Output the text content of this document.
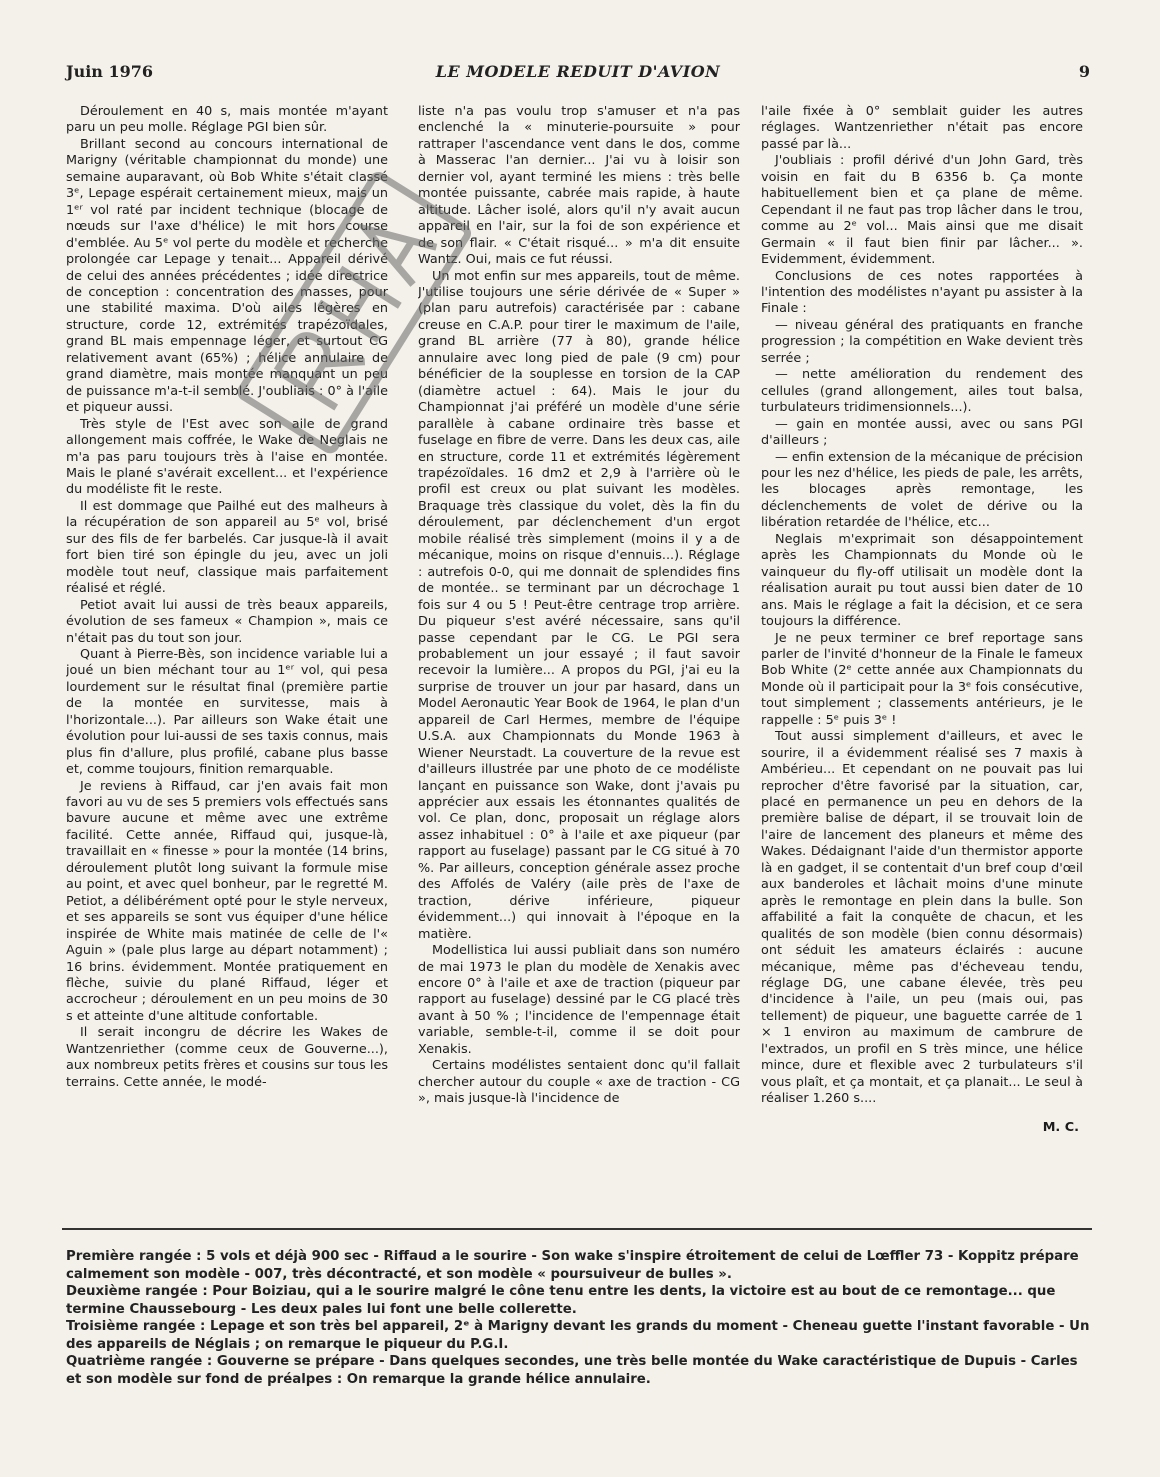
Juin 1976	LE MODELE REDUIT D'AVION	9

Déroulement en 40 s, mais montée m'ayant paru un peu molle. Réglage PGI bien sûr.

Brillant second au concours international de Marigny (véritable championnat du monde) une semaine auparavant, où Bob White s'était classé 3ᵉ, Lepage espérait certainement mieux, mais un 1ᵉʳ vol raté par incident technique (blocage de nœuds sur l'axe d'hélice) le mit hors course d'emblée. Au 5ᵉ vol perte du modèle et recherche prolongée car Lepage y tenait... Appareil dérivé de celui des années précédentes ; idée directrice de conception : concentration des masses, pour une stabilité maxima. D'où ailes légères en structure, corde 12, extrémités trapézoïdales, grand BL mais empennage léger, et surtout CG relativement avant (65%) ; hélice annulaire de grand diamètre, mais montée manquant un peu de puissance m'a-t-il semblé. J'oubliais : 0° à l'aile et piqueur aussi.

Très style de l'Est avec son aile de grand allongement mais coffrée, le Wake de Neglais ne m'a pas paru toujours très à l'aise en montée. Mais le plané s'avérait excellent... et l'expérience du modéliste fit le reste.

Il est dommage que Pailhé eut des malheurs à la récupération de son appareil au 5ᵉ vol, brisé sur des fils de fer barbelés. Car jusque-là il avait fort bien tiré son épingle du jeu, avec un joli modèle tout neuf, classique mais parfaitement réalisé et réglé.

Petiot avait lui aussi de très beaux appareils, évolution de ses fameux « Champion », mais ce n'était pas du tout son jour.

Quant à Pierre-Bès, son incidence variable lui a joué un bien méchant tour au 1ᵉʳ vol, qui pesa lourdement sur le résultat final (première partie de la montée en survitesse, mais à l'horizontale...). Par ailleurs son Wake était une évolution pour lui-aussi de ses taxis connus, mais plus fin d'allure, plus profilé, cabane plus basse et, comme toujours, finition remarquable.

Je reviens à Riffaud, car j'en avais fait mon favori au vu de ses 5 premiers vols effectués sans bavure aucune et même avec une extrême facilité. Cette année, Riffaud qui, jusque-là, travaillait en « finesse » pour la montée (14 brins, déroulement plutôt long suivant la formule mise au point, et avec quel bonheur, par le regretté M. Petiot, a délibérément opté pour le style nerveux, et ses appareils se sont vus équiper d'une hélice inspirée de White mais matinée de celle de l'« Aguin » (pale plus large au départ notamment) ; 16 brins. évidemment. Montée pratiquement en flèche, suivie du plané Riffaud, léger et accrocheur ; déroulement en un peu moins de 30 s et atteinte d'une altitude confortable.

Il serait incongru de décrire les Wakes de Wantzenriether (comme ceux de Gouverne...), aux nombreux petits frères et cousins sur tous les terrains. Cette année, le modé-

liste n'a pas voulu trop s'amuser et n'a pas enclenché la « minuterie-poursuite » pour rattraper l'ascendance vent dans le dos, comme à Masserac l'an dernier... J'ai vu à loisir son dernier vol, ayant terminé les miens : très belle montée puissante, cabrée mais rapide, à haute altitude. Lâcher isolé, alors qu'il n'y avait aucun appareil en l'air, sur la foi de son expérience et de son flair. « C'était risqué... » m'a dit ensuite Wantz. Oui, mais ce fut réussi.

Un mot enfin sur mes appareils, tout de même. J'utilise toujours une série dérivée de « Super » (plan paru autrefois) caractérisée par : cabane creuse en C.A.P. pour tirer le maximum de l'aile, grand BL arrière (77 à 80), grande hélice annulaire avec long pied de pale (9 cm) pour bénéficier de la souplesse en torsion de la CAP (diamètre actuel : 64). Mais le jour du Championnat j'ai préféré un modèle d'une série parallèle à cabane ordinaire très basse et fuselage en fibre de verre. Dans les deux cas, aile en structure, corde 11 et extrémités légèrement trapézoïdales. 16 dm2 et 2,9 à l'arrière où le profil est creux ou plat suivant les modèles. Braquage très classique du volet, dès la fin du déroulement, par déclenchement d'un ergot mobile réalisé très simplement (moins il y a de mécanique, moins on risque d'ennuis...). Réglage : autrefois 0-0, qui me donnait de splendides fins de montée.. se terminant par un décrochage 1 fois sur 4 ou 5 ! Peut-être centrage trop arrière. Du piqueur s'est avéré nécessaire, sans qu'il passe cependant par le CG. Le PGI sera probablement un jour essayé ; il faut savoir recevoir la lumière... A propos du PGI, j'ai eu la surprise de trouver un jour par hasard, dans un Model Aeronautic Year Book de 1964, le plan d'un appareil de Carl Hermes, membre de l'équipe U.S.A. aux Championnats du Monde 1963 à Wiener Neurstadt. La couverture de la revue est d'ailleurs illustrée par une photo de ce modéliste lançant en puissance son Wake, dont j'avais pu apprécier aux essais les étonnantes qualités de vol. Ce plan, donc, proposait un réglage alors assez inhabituel : 0° à l'aile et axe piqueur (par rapport au fuselage) passant par le CG situé à 70 %. Par ailleurs, conception générale assez proche des Affolés de Valéry (aile près de l'axe de traction, dérive inférieure, piqueur évidemment...) qui innovait à l'époque en la matière.

Modellistica lui aussi publiait dans son numéro de mai 1973 le plan du modèle de Xenakis avec encore 0° à l'aile et axe de traction (piqueur par rapport au fuselage) dessiné par le CG placé très avant à 50 % ; l'incidence de l'empennage était variable, semble-t-il, comme il se doit pour Xenakis.

Certains modélistes sentaient donc qu'il fallait chercher autour du couple « axe de traction - CG », mais jusque-là l'incidence de

l'aile fixée à 0° semblait guider les autres réglages. Wantzenriether n'était pas encore passé par là...

J'oubliais : profil dérivé d'un John Gard, très voisin en fait du B 6356 b. Ça monte habituellement bien et ça plane de même. Cependant il ne faut pas trop lâcher dans le trou, comme au 2ᵉ vol... Mais ainsi que me disait Germain « il faut bien finir par lâcher... ». Evidemment, évidemment.

Conclusions de ces notes rapportées à l'intention des modélistes n'ayant pu assister à la Finale :

— niveau général des pratiquants en franche progression ; la compétition en Wake devient très serrée ;

— nette amélioration du rendement des cellules (grand allongement, ailes tout balsa, turbulateurs tridimensionnels...).

— gain en montée aussi, avec ou sans PGI d'ailleurs ;

— enfin extension de la mécanique de précision pour les nez d'hélice, les pieds de pale, les arrêts, les blocages après remontage, les déclenchements de volet de dérive ou la libération retardée de l'hélice, etc...

Neglais m'exprimait son désappointement après les Championnats du Monde où le vainqueur du fly-off utilisait un modèle dont la réalisation aurait pu tout aussi bien dater de 10 ans. Mais le réglage a fait la décision, et ce sera toujours la différence.

Je ne peux terminer ce bref reportage sans parler de l'invité d'honneur de la Finale le fameux Bob White (2ᵉ cette année aux Championnats du Monde où il participait pour la 3ᵉ fois consécutive, tout simplement ; classements antérieurs, je le rappelle : 5ᵉ puis 3ᵉ !

Tout aussi simplement d'ailleurs, et avec le sourire, il a évidemment réalisé ses 7 maxis à Ambérieu... Et cependant on ne pouvait pas lui reprocher d'être favorisé par la situation, car, placé en permanence un peu en dehors de la première balise de départ, il se trouvait loin de l'aire de lancement des planeurs et même des Wakes. Dédaignant l'aide d'un thermistor apporte là en gadget, il se contentait d'un bref coup d'œil aux banderoles et lâchait moins d'une minute après le remontage en plein dans la bulle. Son affabilité a fait la conquête de chacun, et les qualités de son modèle (bien connu désormais) ont séduit les amateurs éclairés : aucune mécanique, même pas d'écheveau tendu, réglage DG, une cabane élevée, très peu d'incidence à l'aile, un peu (mais oui, pas tellement) de piqueur, une baguette carrée de 1 × 1 environ au maximum de cambrure de l'extrados, un profil en S très mince, une hélice mince, dure et flexible avec 2 turbulateurs s'il vous plaît, et ça montait, et ça planait... Le seul à réaliser 1.260 s....

M. C.

Première rangée : 5 vols et déjà 900 sec - Riffaud a le sourire - Son wake s'inspire étroitement de celui de Lœffler 73 - Koppitz prépare calmement son modèle - 007, très décontracté, et son modèle « poursuiveur de bulles ».

Deuxième rangée : Pour Boiziau, qui a le sourire malgré le cône tenu entre les dents, la victoire est au bout de ce remontage... que termine Chaussebourg - Les deux pales lui font une belle collerette.

Troisième rangée : Lepage et son très bel appareil, 2ᵉ à Marigny devant les grands du moment - Cheneau guette l'instant favorable - Un des appareils de Néglais ; on remarque le piqueur du P.G.I.

Quatrième rangée : Gouverne se prépare - Dans quelques secondes, une très belle montée du Wake caractéristique de Dupuis - Carles et son modèle sur fond de préalpes : On remarque la grande hélice annulaire.
